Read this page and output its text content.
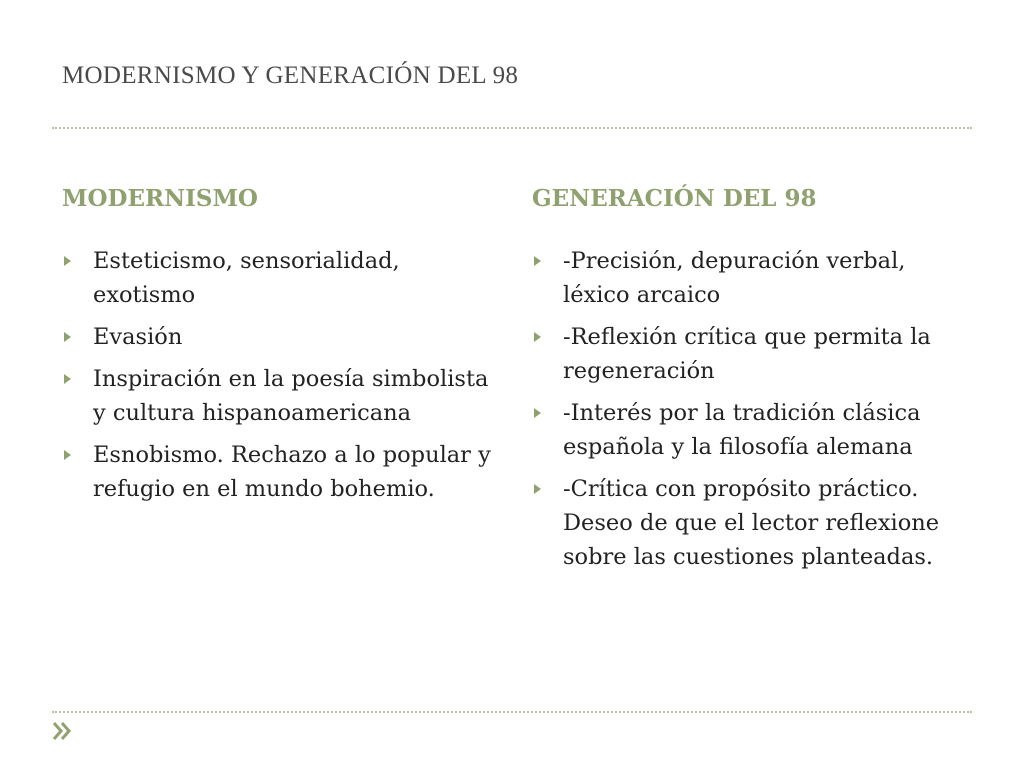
MODERNISMO Y GENERACIÓN DEL 98
MODERNISMO
Esteticismo, sensorialidad, exotismo
Evasión
Inspiración en la poesía simbolista y cultura hispanoamericana
Esnobismo. Rechazo a lo popular y refugio en el mundo bohemio.
GENERACIÓN DEL 98
-Precisión, depuración verbal, léxico arcaico
-Reflexión crítica que permita la regeneración
-Interés por la tradición clásica española y la filosofía alemana
-Crítica con propósito práctico. Deseo de que el lector reflexione sobre las cuestiones planteadas.
